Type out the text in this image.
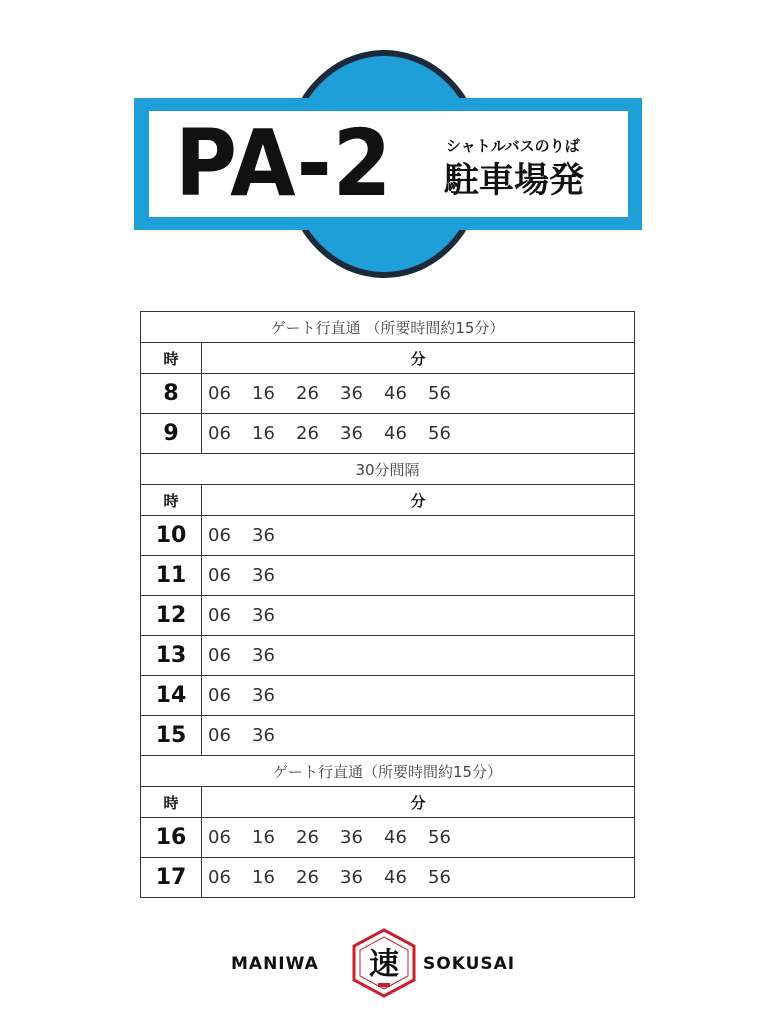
PA-2	シャトルバスのりば
駐車場発
ゲート行直通 （所要時間約15分）	
時	分
8	06 16 26 36 46 56
9	06 16 26 36 46 56
30分間隔	
時	分
10	06 36
11	06 36
12	06 36
13	06 36
14	06 36
15	06 36
ゲート行直通（所要時間約15分）	
時	分
16	06 16 26 36 46 56
17	06 16 26 36 46 56
MANIWA 速 SOKUSAI
